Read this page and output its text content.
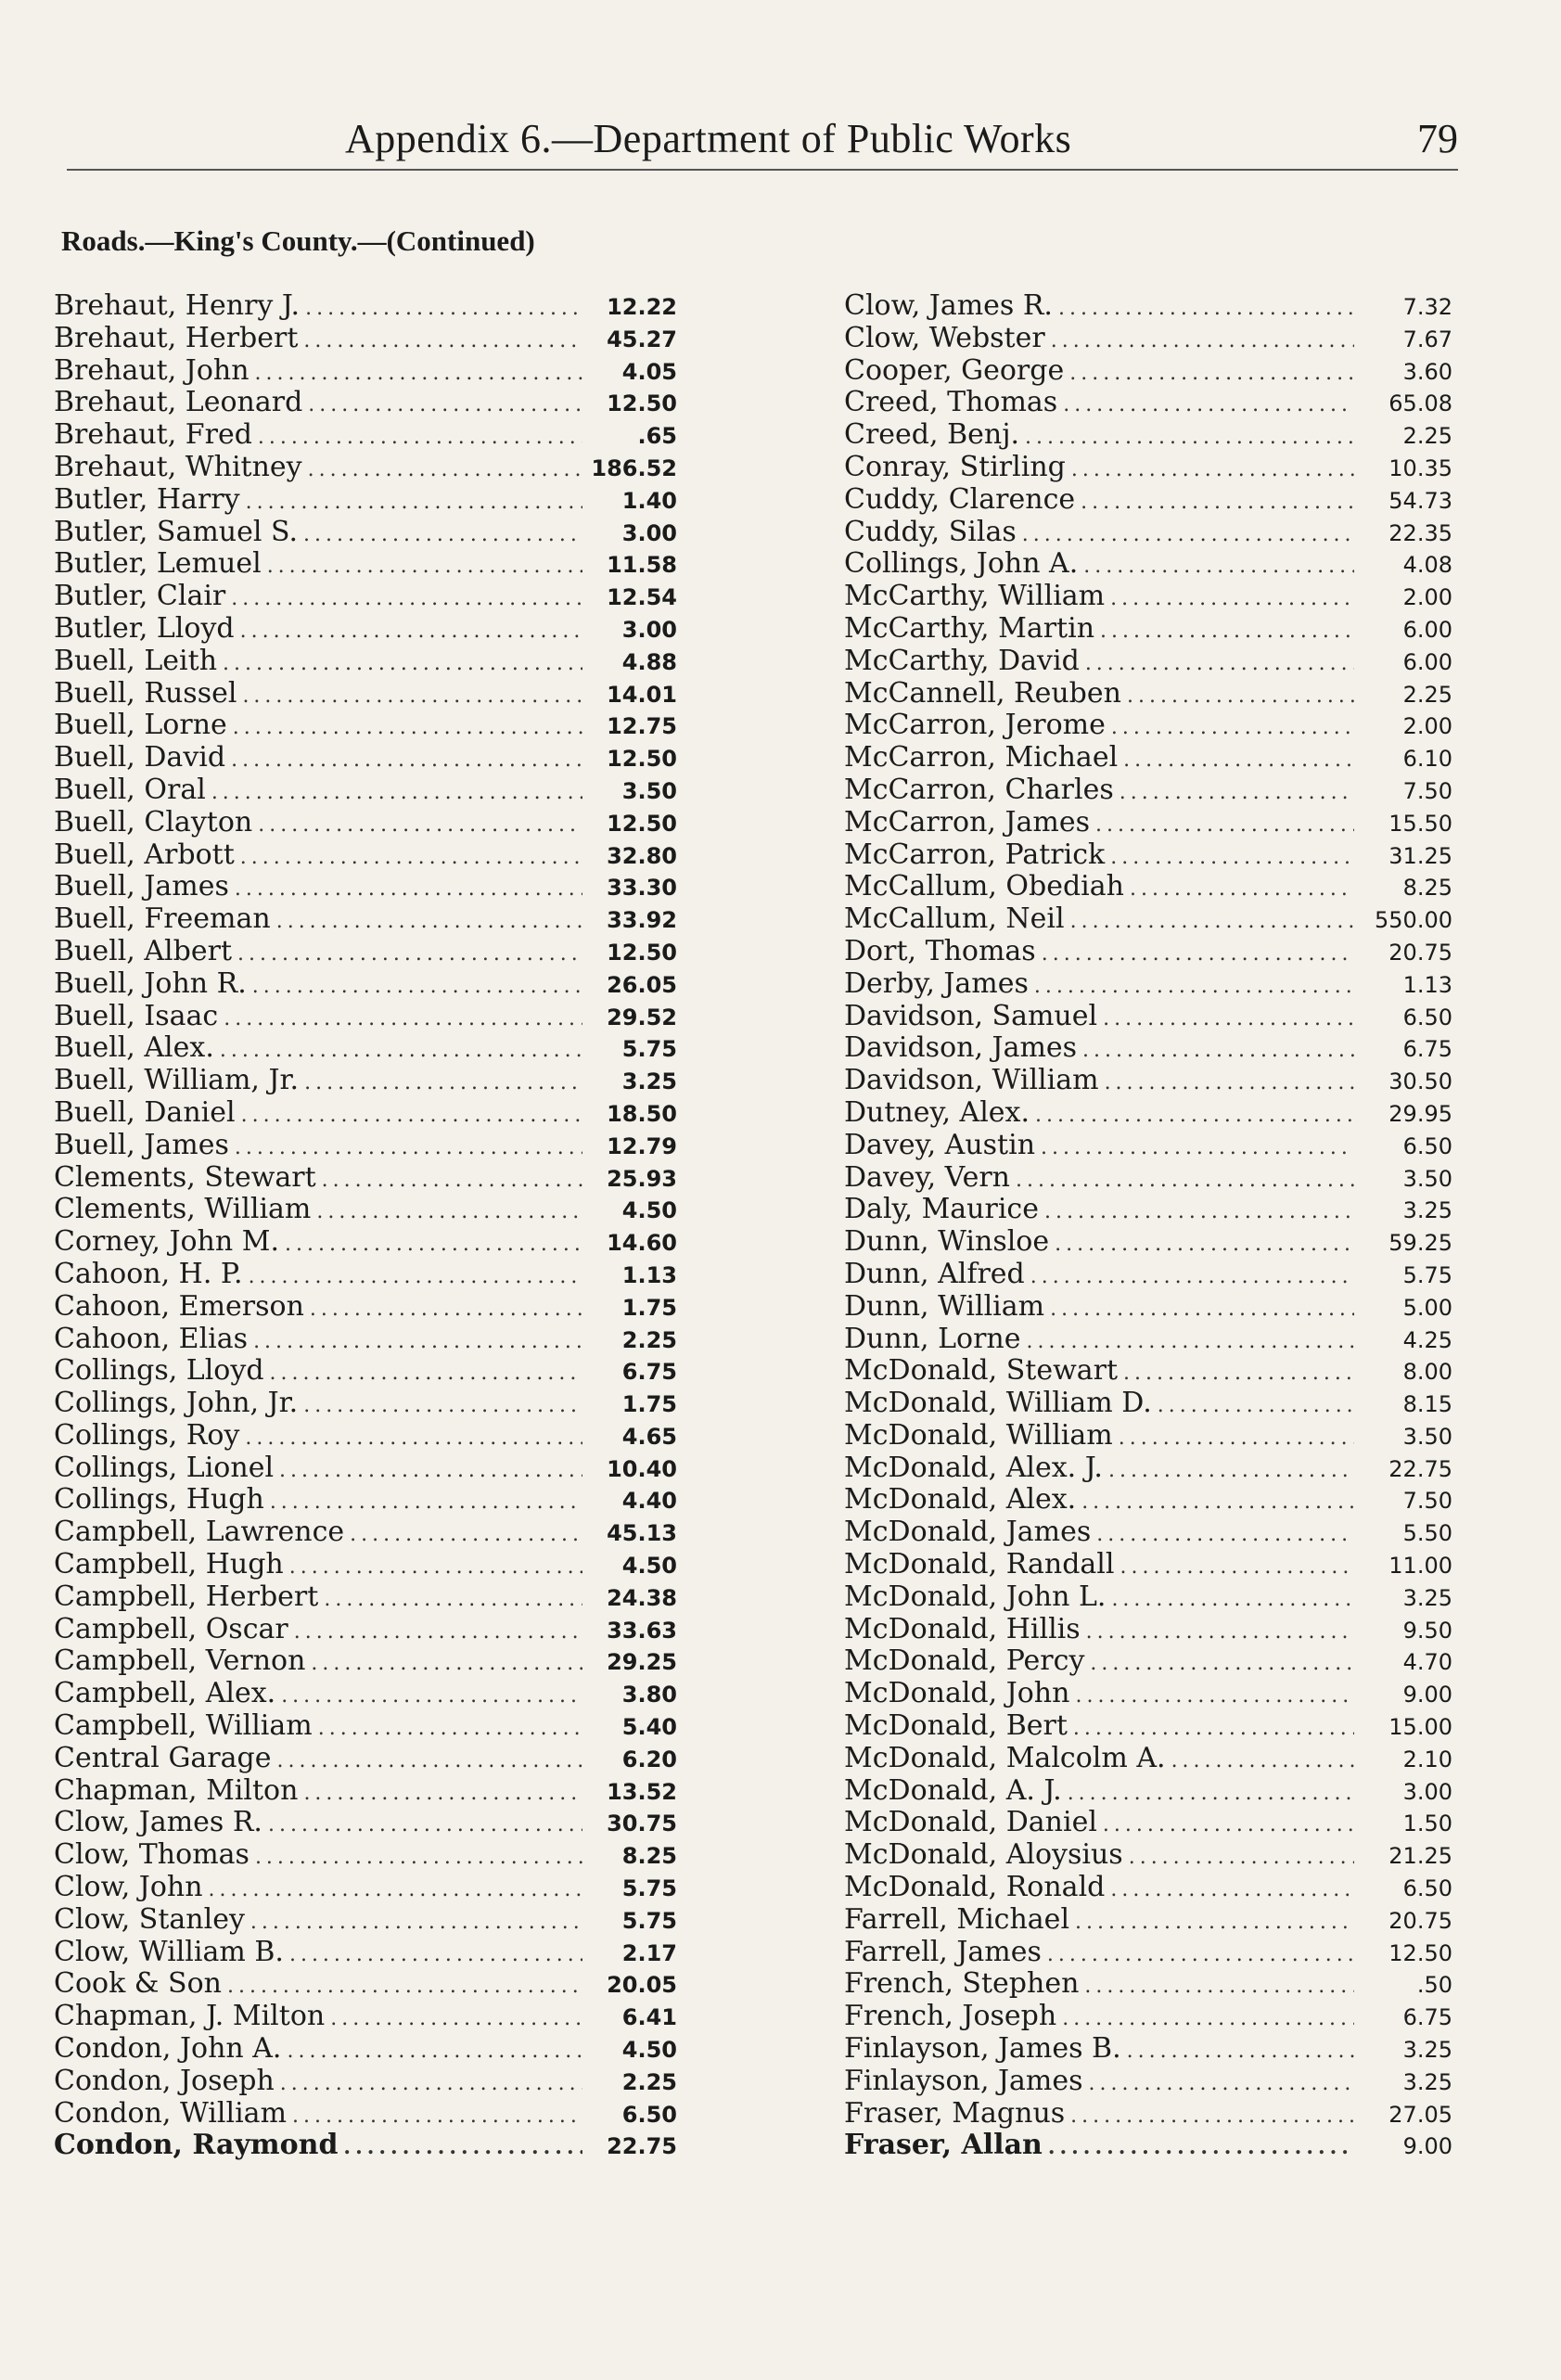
Appendix 6.—Department of Public Works	79
Roads.—King's County.—(Continued)
Brehaut, Henry J. .....	12.22
Brehaut, Herbert .....	45.27
Brehaut, John .....	4.05
Brehaut, Leonard .....	12.50
Brehaut, Fred .....	.65
Brehaut, Whitney .....	186.52
Butler, Harry .....	1.40
Butler, Samuel S. .....	3.00
Butler, Lemuel .....	11.58
Butler, Clair .....	12.54
Butler, Lloyd .....	3.00
Buell, Leith .....	4.88
Buell, Russel .....	14.01
Buell, Lorne .....	12.75
Buell, David .....	12.50
Buell, Oral .....	3.50
Buell, Clayton .....	12.50
Buell, Arbott .....	32.80
Buell, James .....	33.30
Buell, Freeman .....	33.92
Buell, Albert .....	12.50
Buell, John R. .....	26.05
Buell, Isaac .....	29.52
Buell, Alex. .....	5.75
Buell, William, Jr. .....	3.25
Buell, Daniel .....	18.50
Buell, James .....	12.79
Clements, Stewart .....	25.93
Clements, William .....	4.50
Corney, John M. .....	14.60
Cahoon, H. P. .....	1.13
Cahoon, Emerson .....	1.75
Cahoon, Elias .....	2.25
Collings, Lloyd .....	6.75
Collings, John, Jr. .....	1.75
Collings, Roy .....	4.65
Collings, Lionel .....	10.40
Collings, Hugh .....	4.40
Campbell, Lawrence .....	45.13
Campbell, Hugh .....	4.50
Campbell, Herbert .....	24.38
Campbell, Oscar .....	33.63
Campbell, Vernon .....	29.25
Campbell, Alex. .....	3.80
Campbell, William .....	5.40
Central Garage .....	6.20
Chapman, Milton .....	13.52
Clow, James R. .....	30.75
Clow, Thomas .....	8.25
Clow, John .....	5.75
Clow, Stanley .....	5.75
Clow, William B. .....	2.17
Cook & Son .....	20.05
Chapman, J. Milton .....	6.41
Condon, John A. .....	4.50
Condon, Joseph .....	2.25
Condon, William .....	6.50
Condon, Raymond .....	22.75
Clow, James R. .....	7.32
Clow, Webster .....	7.67
Cooper, George .....	3.60
Creed, Thomas .....	65.08
Creed, Benj. .....	2.25
Conray, Stirling .....	10.35
Cuddy, Clarence .....	54.73
Cuddy, Silas .....	22.35
Collings, John A. .....	4.08
McCarthy, William .....	2.00
McCarthy, Martin .....	6.00
McCarthy, David .....	6.00
McCannell, Reuben .....	2.25
McCarron, Jerome .....	2.00
McCarron, Michael .....	6.10
McCarron, Charles .....	7.50
McCarron, James .....	15.50
McCarron, Patrick .....	31.25
McCallum, Obediah .....	8.25
McCallum, Neil .....	550.00
Dort, Thomas .....	20.75
Derby, James .....	1.13
Davidson, Samuel .....	6.50
Davidson, James .....	6.75
Davidson, William .....	30.50
Dutney, Alex. .....	29.95
Davey, Austin .....	6.50
Davey, Vern .....	3.50
Daly, Maurice .....	3.25
Dunn, Winsloe .....	59.25
Dunn, Alfred .....	5.75
Dunn, William .....	5.00
Dunn, Lorne .....	4.25
McDonald, Stewart .....	8.00
McDonald, William D. .....	8.15
McDonald, William .....	3.50
McDonald, Alex. J. .....	22.75
McDonald, Alex. .....	7.50
McDonald, James .....	5.50
McDonald, Randall .....	11.00
McDonald, John L. .....	3.25
McDonald, Hillis .....	9.50
McDonald, Percy .....	4.70
McDonald, John .....	9.00
McDonald, Bert .....	15.00
McDonald, Malcolm A. .....	2.10
McDonald, A. J. .....	3.00
McDonald, Daniel .....	1.50
McDonald, Aloysius .....	21.25
McDonald, Ronald .....	6.50
Farrell, Michael .....	20.75
Farrell, James .....	12.50
French, Stephen .....	.50
French, Joseph .....	6.75
Finlayson, James B. .....	3.25
Finlayson, James .....	3.25
Fraser, Magnus .....	27.05
Fraser, Allan .....	9.00
